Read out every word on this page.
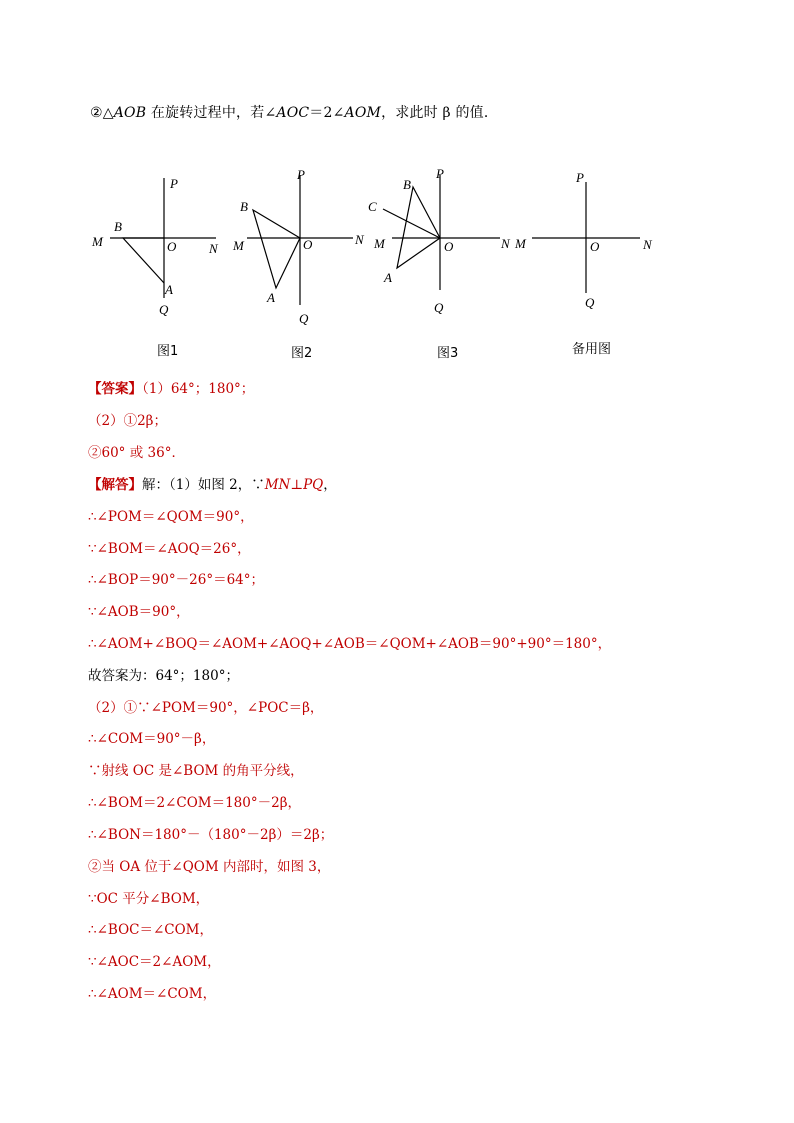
②△AOB 在旋转过程中，若∠AOC＝2∠AOM，求此时 β 的值．
P
M
B
O	N
A
Q
P
B
M	O	N
A
Q
P
B
C
M	O	N
A
Q
P
M	O	N
Q
图1	图2	图3	备用图
【答案】（1）64°；180°；
（2）①2β；
②60° 或 36°．
【解答】解：（1）如图 2，∵MN⊥PQ，
∴∠POM＝∠QOM＝90°，
∵∠BOM＝∠AOQ＝26°，
∴∠BOP＝90°－26°＝64°；
∵∠AOB＝90°，
∴∠AOM+∠BOQ＝∠AOM+∠AOQ+∠AOB＝∠QOM+∠AOB＝90°+90°＝180°，
故答案为：64°；180°；
（2）①∵∠POM＝90°，∠POC＝β，
∴∠COM＝90°－β，
∵射线 OC 是∠BOM 的角平分线，
∴∠BOM＝2∠COM＝180°－2β，
∴∠BON＝180°－（180°－2β）＝2β；
②当 OA 位于∠QOM 内部时，如图 3，
∵OC 平分∠BOM，
∴∠BOC＝∠COM，
∵∠AOC＝2∠AOM，
∴∠AOM＝∠COM，
